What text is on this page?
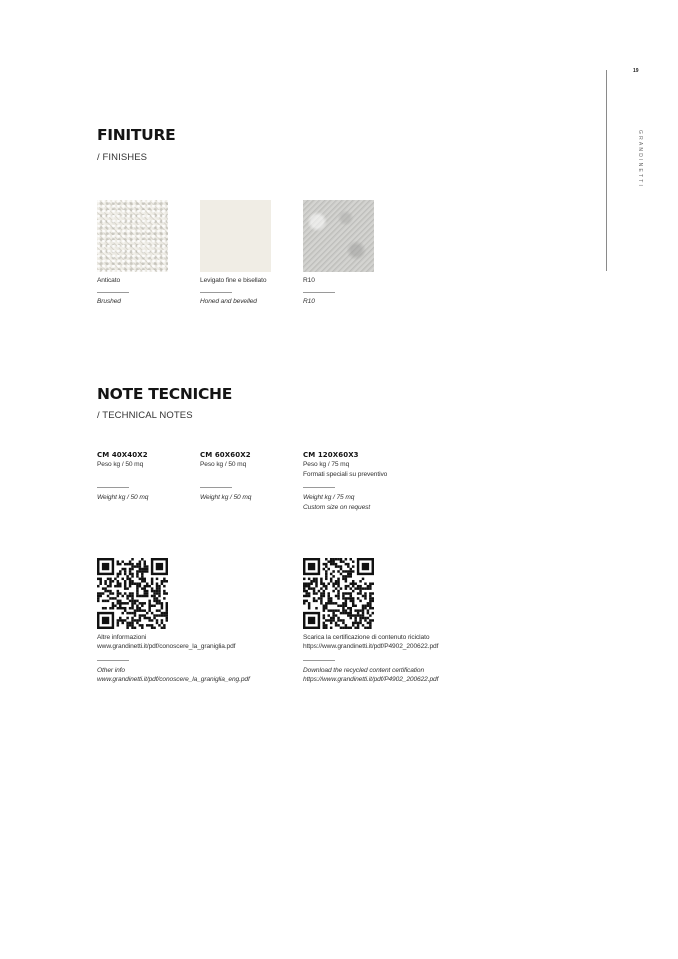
19
GRANDINETTI
FINITURE
/ FINISHES
Anticato
Brushed
Levigato fine e bisellato
Honed and bevelled
R10
R10
NOTE TECNICHE
/ TECHNICAL NOTES
CM 40X40X2
Peso kg / 50 mq
Weight kg / 50 mq
CM 60X60X2
Peso kg / 50 mq
Weight kg / 50 mq
CM 120X60X3
Peso kg / 75 mq
Formati speciali su preventivo
Weight kg / 75 mq
Custom size on request
Altre informazioni
www.grandinetti.it/pdf/conoscere_la_graniglia.pdf
Other info
www.grandinetti.it/pdf/conoscere_la_graniglia_eng.pdf
Scarica la certificazione di contenuto riciclato
https://www.grandinetti.it/pdf/P4902_200622.pdf
Download the recycled content certification
https://www.grandinetti.it/pdf/P4902_200622.pdf
